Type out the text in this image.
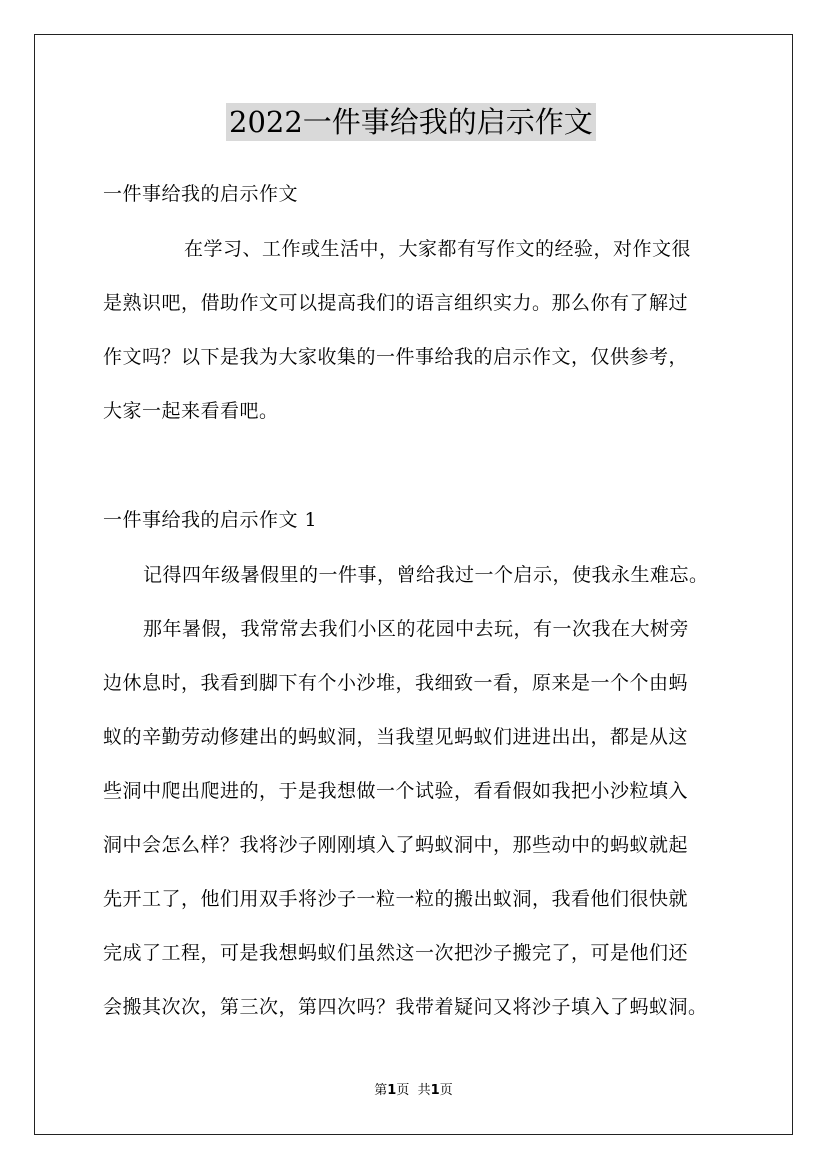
2022一件事给我的启示作文
一件事给我的启示作文
在学习、工作或生活中，大家都有写作文的经验，对作文很
是熟识吧，借助作文可以提高我们的语言组织实力。那么你有了解过
作文吗？以下是我为大家收集的一件事给我的启示作文，仅供参考，
大家一起来看看吧。
一件事给我的启示作文 1
记得四年级暑假里的一件事，曾给我过一个启示，使我永生难忘。
那年暑假，我常常去我们小区的花园中去玩，有一次我在大树旁
边休息时，我看到脚下有个小沙堆，我细致一看，原来是一个个由蚂
蚁的辛勤劳动修建出的蚂蚁洞，当我望见蚂蚁们进进出出，都是从这
些洞中爬出爬进的，于是我想做一个试验，看看假如我把小沙粒填入
洞中会怎么样？我将沙子刚刚填入了蚂蚁洞中，那些动中的蚂蚁就起
先开工了，他们用双手将沙子一粒一粒的搬出蚁洞，我看他们很快就
完成了工程，可是我想蚂蚁们虽然这一次把沙子搬完了，可是他们还
会搬其次次，第三次，第四次吗？我带着疑问又将沙子填入了蚂蚁洞。
第1页 共1页
